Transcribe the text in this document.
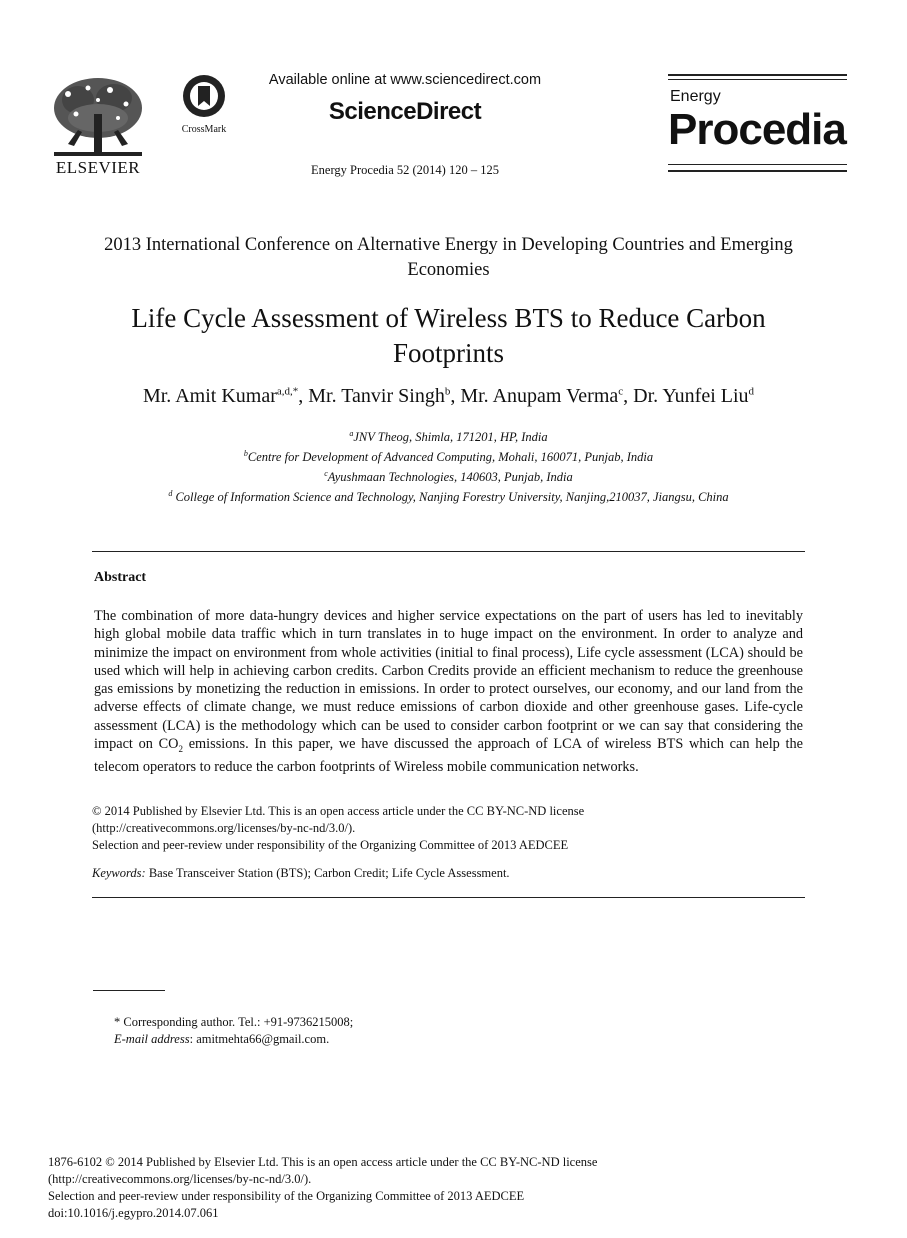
ELSEVIER
CrossMark
Available online at www.sciencedirect.com
ScienceDirect
Energy Procedia 52 (2014) 120 – 125
Energy
Procedia
2013 International Conference on Alternative Energy in Developing Countries and Emerging Economies
Life Cycle Assessment of Wireless BTS to Reduce Carbon Footprints
Mr. Amit Kumar$^{a,d,*}$, Mr. Tanvir Singh$^b$, Mr. Anupam Verma$^c$, Dr. Yunfei Liu$^d$
$^a$JNV Theog, Shimla, 171201, HP, India
$^b$Centre for Development of Advanced Computing, Mohali, 160071, Punjab, India
$^c$Ayushmaan Technologies, 140603, Punjab, India
$^d$ College of Information Science and Technology, Nanjing Forestry University, Nanjing,210037, Jiangsu, China
Abstract
The combination of more data-hungry devices and higher service expectations on the part of users has led to inevitably high global mobile data traffic which in turn translates in to huge impact on the environment. In order to analyze and minimize the impact on environment from whole activities (initial to final process), Life cycle assessment (LCA) should be used which will help in achieving carbon credits. Carbon Credits provide an efficient mechanism to reduce the greenhouse gas emissions by monetizing the reduction in emissions. In order to protect ourselves, our economy, and our land from the adverse effects of climate change, we must reduce emissions of carbon dioxide and other greenhouse gases. Life-cycle assessment (LCA) is the methodology which can be used to consider carbon footprint or we can say that considering the impact on $CO_2$ emissions. In this paper, we have discussed the approach of LCA of wireless BTS which can help the telecom operators to reduce the carbon footprints of Wireless mobile communication networks.
© 2014 Published by Elsevier Ltd. This is an open access article under the CC BY-NC-ND license
(http://creativecommons.org/licenses/by-nc-nd/3.0/).
Selection and peer-review under responsibility of the Organizing Committee of 2013 AEDCEE
Keywords: Base Transceiver Station (BTS); Carbon Credit; Life Cycle Assessment.
* Corresponding author. Tel.: +91-9736215008;
E-mail address: amitmehta66@gmail.com.
1876-6102 © 2014 Published by Elsevier Ltd. This is an open access article under the CC BY-NC-ND license
(http://creativecommons.org/licenses/by-nc-nd/3.0/).
Selection and peer-review under responsibility of the Organizing Committee of 2013 AEDCEE
doi:10.1016/j.egypro.2014.07.061
